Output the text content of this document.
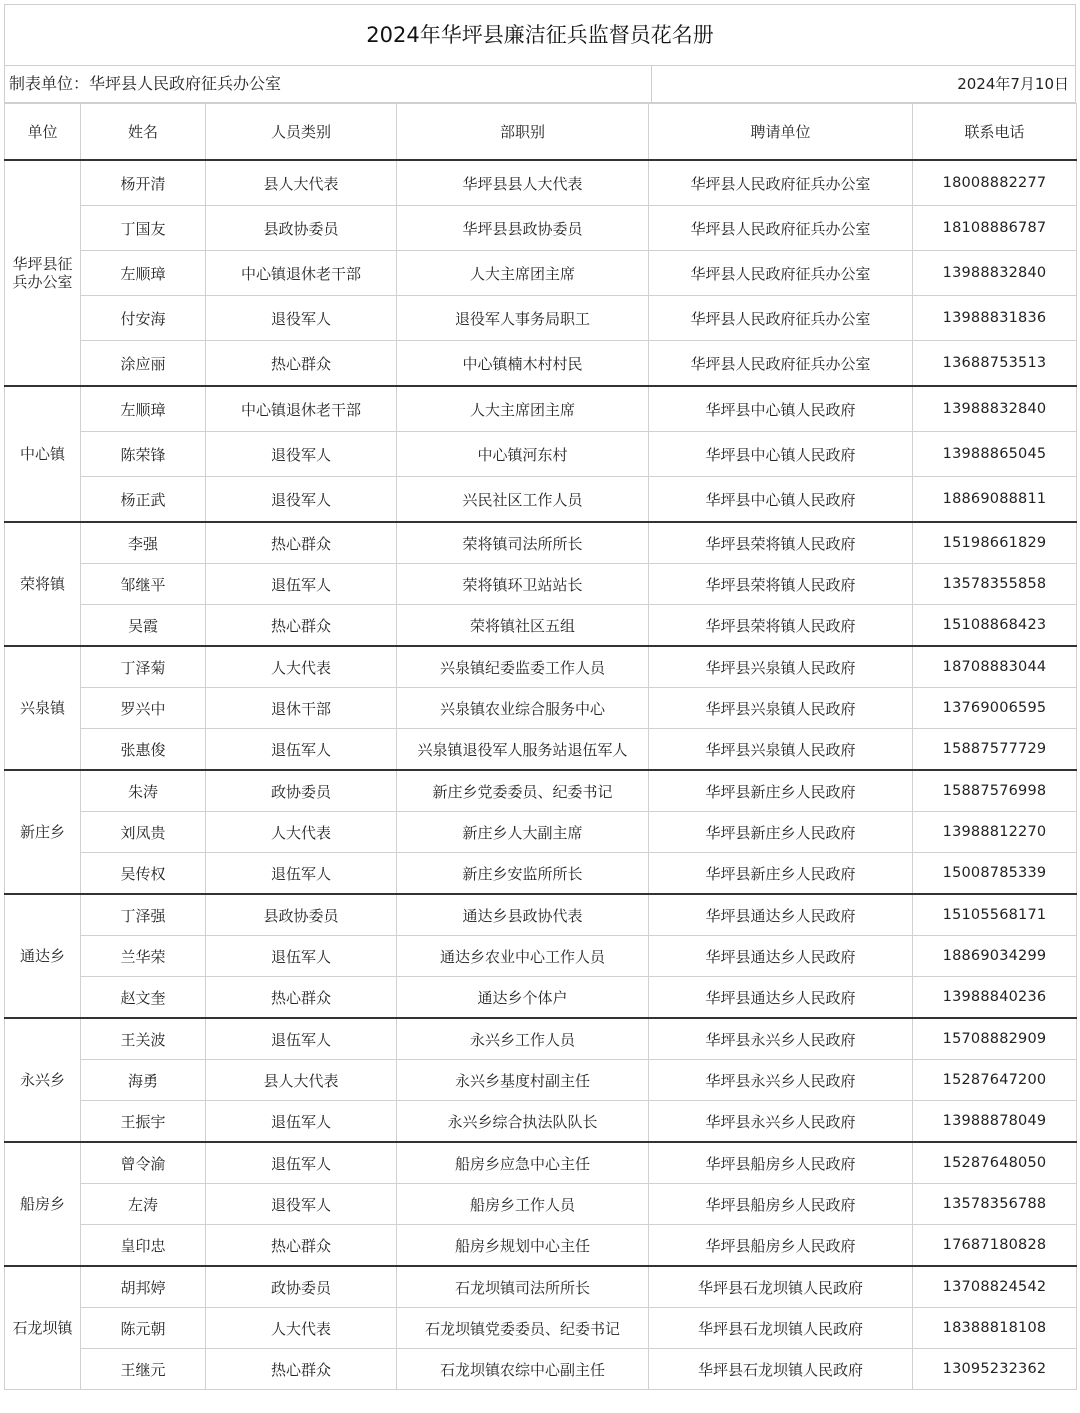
2024年华坪县廉洁征兵监督员花名册
制表单位：华坪县人民政府征兵办公室	2024年7月10日
单位	姓名	人员类别	部职别	聘请单位	联系电话
华坪县征兵办公室	杨开清	县人大代表	华坪县县人大代表	华坪县人民政府征兵办公室	18008882277
	丁国友	县政协委员	华坪县县政协委员	华坪县人民政府征兵办公室	18108886787
	左顺璋	中心镇退休老干部	人大主席团主席	华坪县人民政府征兵办公室	13988832840
	付安海	退役军人	退役军人事务局职工	华坪县人民政府征兵办公室	13988831836
	涂应丽	热心群众	中心镇楠木村村民	华坪县人民政府征兵办公室	13688753513
中心镇	左顺璋	中心镇退休老干部	人大主席团主席	华坪县中心镇人民政府	13988832840
	陈荣锋	退役军人	中心镇河东村	华坪县中心镇人民政府	13988865045
	杨正武	退役军人	兴民社区工作人员	华坪县中心镇人民政府	18869088811
荣将镇	李强	热心群众	荣将镇司法所所长	华坪县荣将镇人民政府	15198661829
	邹继平	退伍军人	荣将镇环卫站站长	华坪县荣将镇人民政府	13578355858
	吴霞	热心群众	荣将镇社区五组	华坪县荣将镇人民政府	15108868423
兴泉镇	丁泽菊	人大代表	兴泉镇纪委监委工作人员	华坪县兴泉镇人民政府	18708883044
	罗兴中	退休干部	兴泉镇农业综合服务中心	华坪县兴泉镇人民政府	13769006595
	张惠俊	退伍军人	兴泉镇退役军人服务站退伍军人	华坪县兴泉镇人民政府	15887577729
新庄乡	朱涛	政协委员	新庄乡党委委员、纪委书记	华坪县新庄乡人民政府	15887576998
	刘凤贵	人大代表	新庄乡人大副主席	华坪县新庄乡人民政府	13988812270
	吴传权	退伍军人	新庄乡安监所所长	华坪县新庄乡人民政府	15008785339
通达乡	丁泽强	县政协委员	通达乡县政协代表	华坪县通达乡人民政府	15105568171
	兰华荣	退伍军人	通达乡农业中心工作人员	华坪县通达乡人民政府	18869034299
	赵文奎	热心群众	通达乡个体户	华坪县通达乡人民政府	13988840236
永兴乡	王关波	退伍军人	永兴乡工作人员	华坪县永兴乡人民政府	15708882909
	海勇	县人大代表	永兴乡基度村副主任	华坪县永兴乡人民政府	15287647200
	王振宇	退伍军人	永兴乡综合执法队队长	华坪县永兴乡人民政府	13988878049
船房乡	曾令渝	退伍军人	船房乡应急中心主任	华坪县船房乡人民政府	15287648050
	左涛	退役军人	船房乡工作人员	华坪县船房乡人民政府	13578356788
	皇印忠	热心群众	船房乡规划中心主任	华坪县船房乡人民政府	17687180828
石龙坝镇	胡邦婷	政协委员	石龙坝镇司法所所长	华坪县石龙坝镇人民政府	13708824542
	陈元朝	人大代表	石龙坝镇党委委员、纪委书记	华坪县石龙坝镇人民政府	18388818108
	王继元	热心群众	石龙坝镇农综中心副主任	华坪县石龙坝镇人民政府	13095232362
